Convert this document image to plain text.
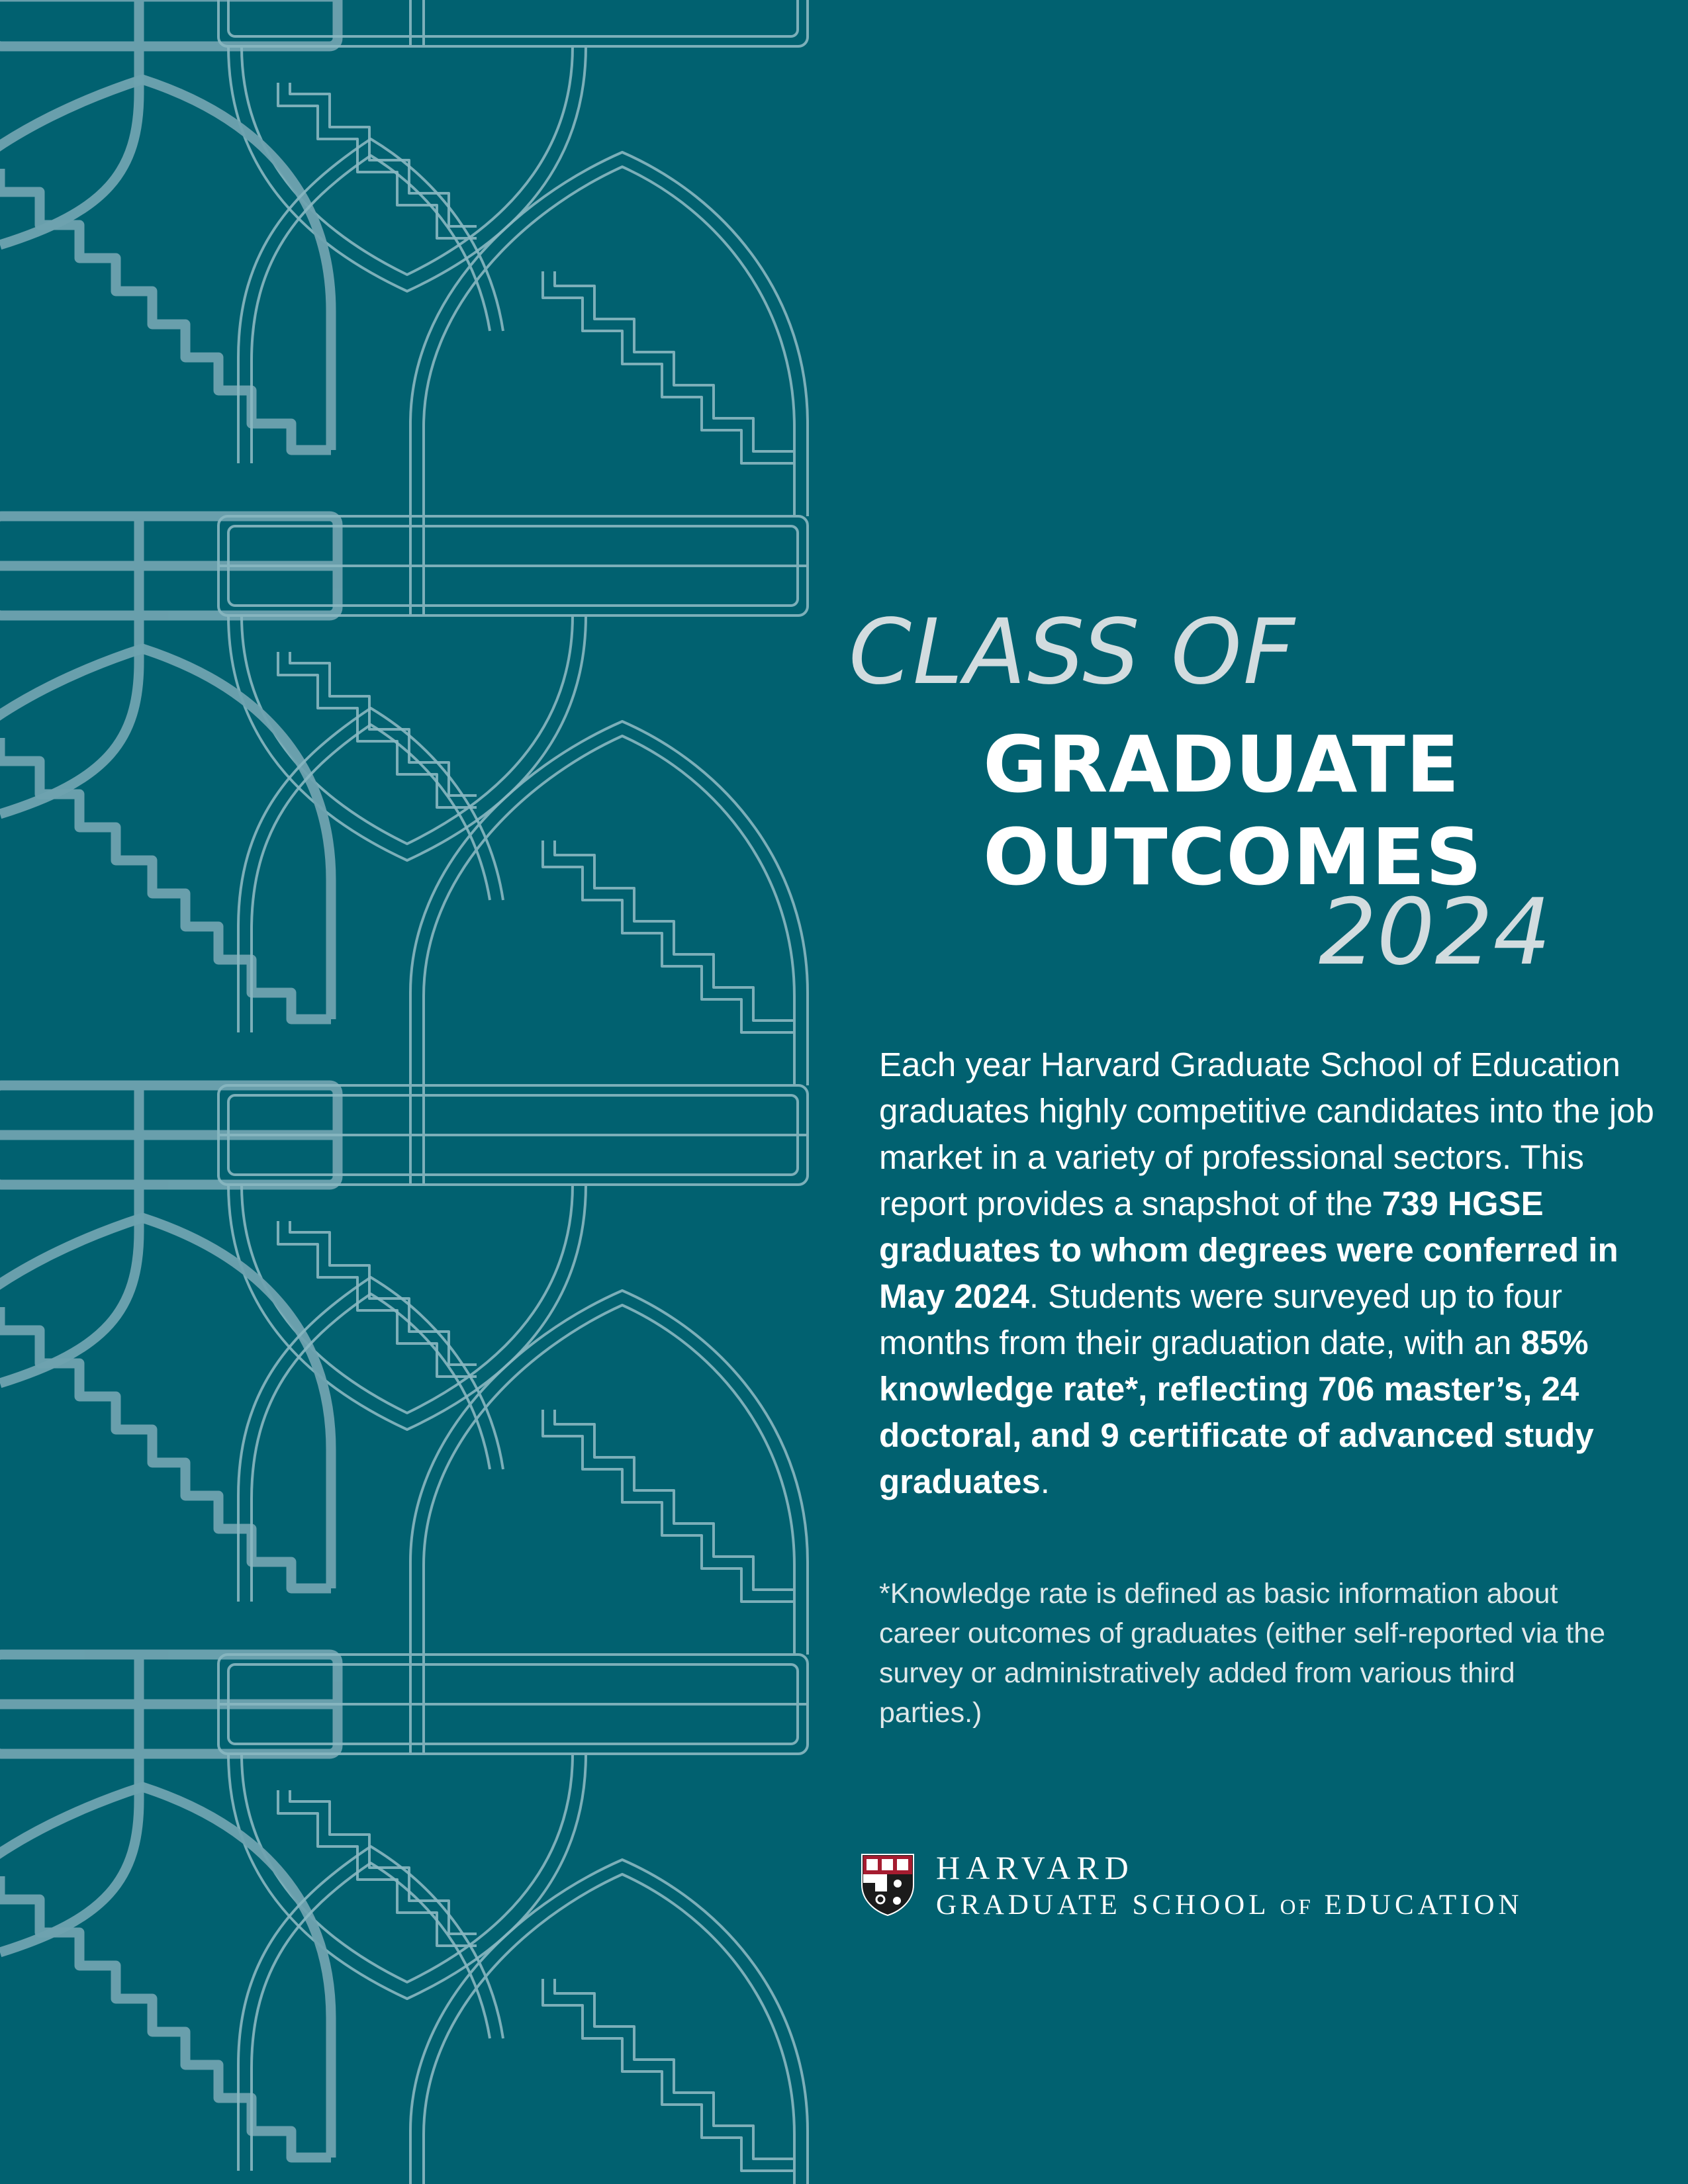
CLASS OF
GRADUATE
OUTCOMES
2024

Each year Harvard Graduate School of Education graduates highly competitive candidates into the job market in a variety of professional sectors. This report provides a snapshot of the 739 HGSE graduates to whom degrees were conferred in May 2024. Students were surveyed up to four months from their graduation date, with an 85% knowledge rate*, reflecting 706 master’s, 24 doctoral, and 9 certificate of advanced study graduates.

*Knowledge rate is defined as basic information about career outcomes of graduates (either self-reported via the survey or administratively added from various third parties.)

HARVARD
GRADUATE SCHOOL OF EDUCATION
